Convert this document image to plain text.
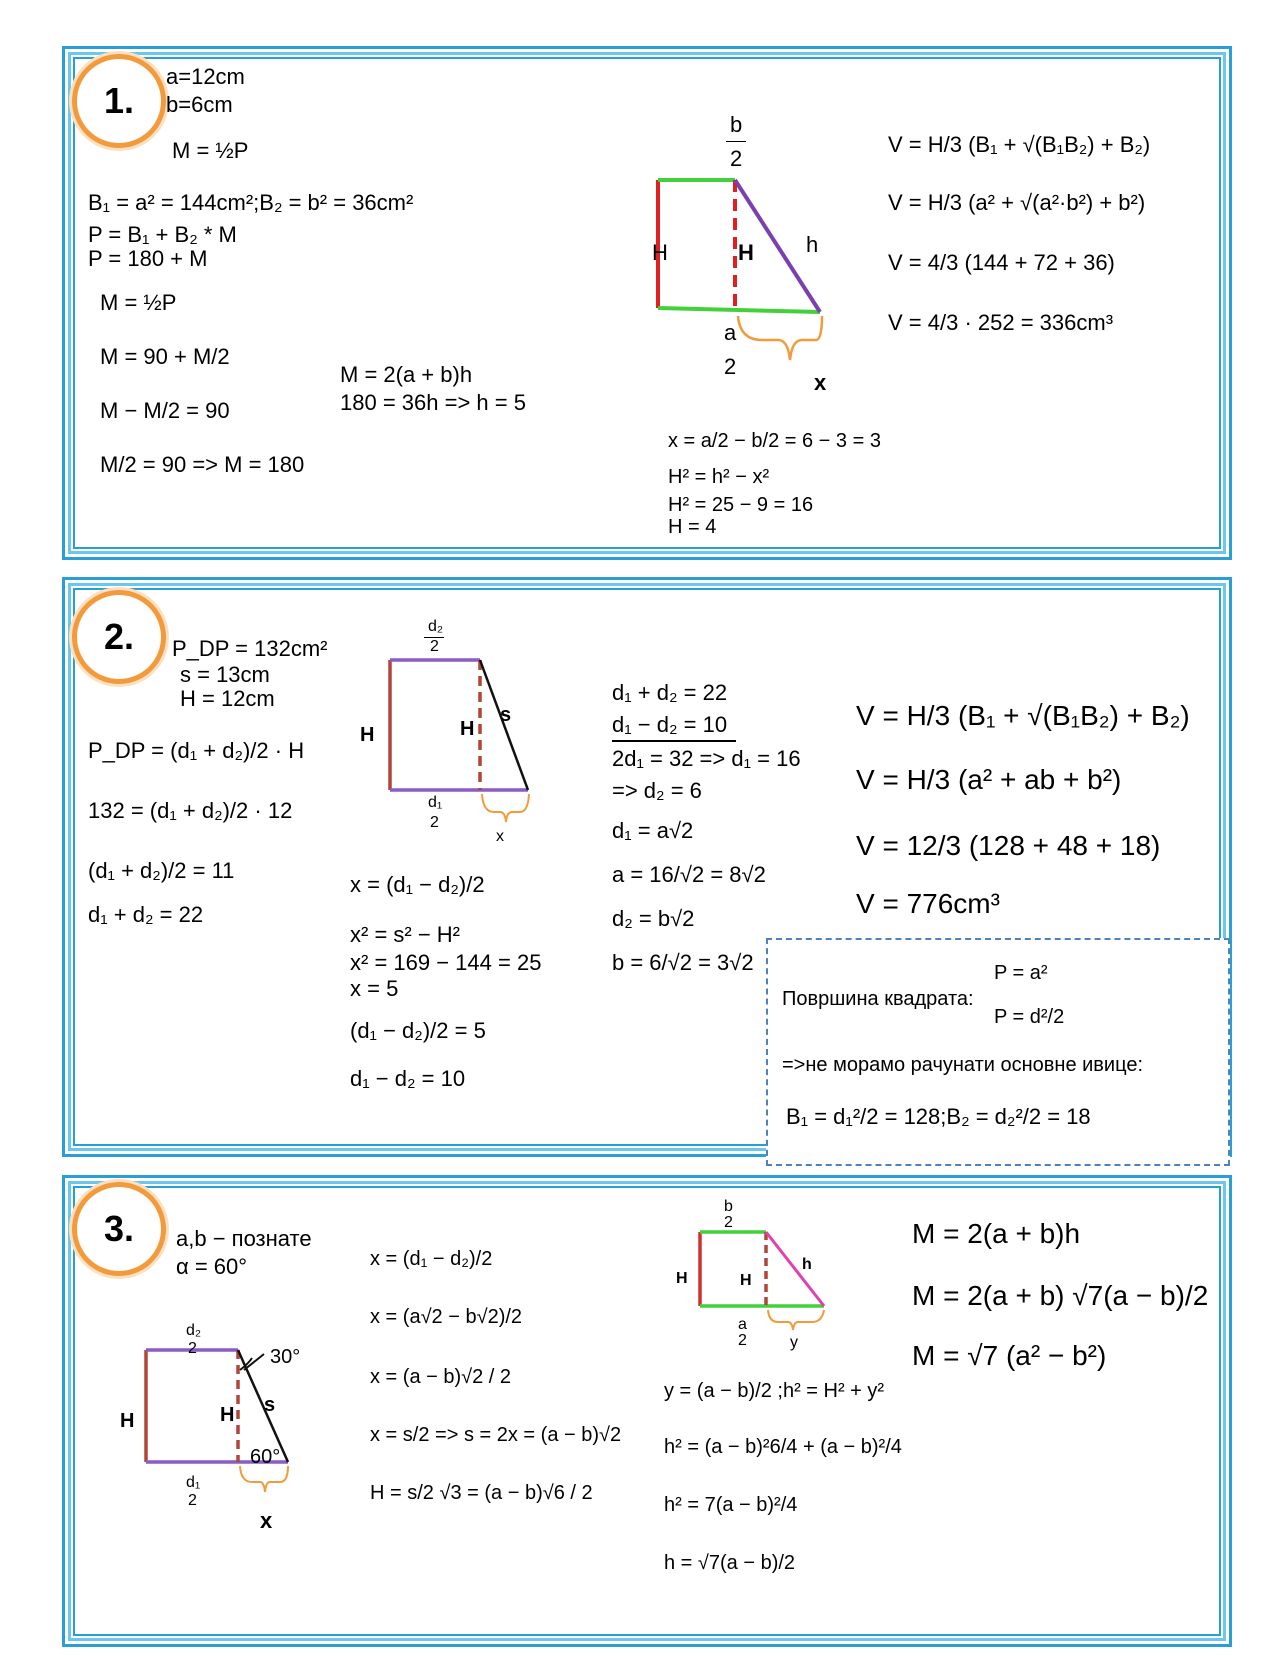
1.
a=12cm
b=6cm
M = ½P
B₁ = a² = 144cm²;B₂ = b² = 36cm²
P = B₁ + B₂ * M
P = 180 + M
M = ½P
M = 90 + M/2
M − M/2 = 90
M/2 = 90 => M = 180
M = 2(a + b)h
180 = 36h => h = 5
b
2
H	H h
a
2
x
x = a/2 − b/2 = 6 − 3 = 3
H² = h² − x²
H² = 25 − 9 = 16
H = 4
V = H/3 (B₁ + √(B₁B₂) + B₂)
V = H/3 (a² + √(a²·b²) + b²)
V = 4/3 (144 + 72 + 36)
V = 4/3 · 252 = 336cm³
2.	P_DP = 132cm²
s = 13cm
H = 12cm
P_DP = (d₁ + d₂)/2 · H
132 = (d₁ + d₂)/2 · 12
(d₁ + d₂)/2 = 11
d₁ + d₂ = 22
d₂
2
H	H
s
d₁
2
x
x = (d₁ − d₂)/2
x² = s² − H²
x² = 169 − 144 = 25
x = 5
(d₁ − d₂)/2 = 5
d₁ − d₂ = 10
d₁ + d₂ = 22
d₁ − d₂ = 10
2d₁ = 32 => d₁ = 16
=> d₂ = 6
d₁ = a√2
a = 16/√2 = 8√2
d₂ = b√2
b = 6/√2 = 3√2
V = H/3 (B₁ + √(B₁B₂) + B₂)
V = H/3 (a² + ab + b²)
V = 12/3 (128 + 48 + 18)
V = 776cm³
P = a²
Површина квадрата:
P = d²/2
=>не морамо рачунати основне ивице:
B₁ = d₁²/2 = 128;B₂ = d₂²/2 = 18
3.	a,b − познате
α = 60°
d₂
2	30°
H	H s
60°
d₁
2
x
x = (d₁ − d₂)/2
x = (a√2 − b√2)/2
x = (a − b)√2 / 2
x = s/2 => s = 2x = (a − b)√2
H = s/2 √3 = (a − b)√6 / 2
b
2
H	H
h
a
2	y
y = (a − b)/2 ;h² = H² + y²
h² = (a − b)²6/4 + (a − b)²/4
h² = 7(a − b)²/4
h = √7(a − b)/2
M = 2(a + b)h
M = 2(a + b) √7(a − b)/2
M = √7 (a² − b²)
